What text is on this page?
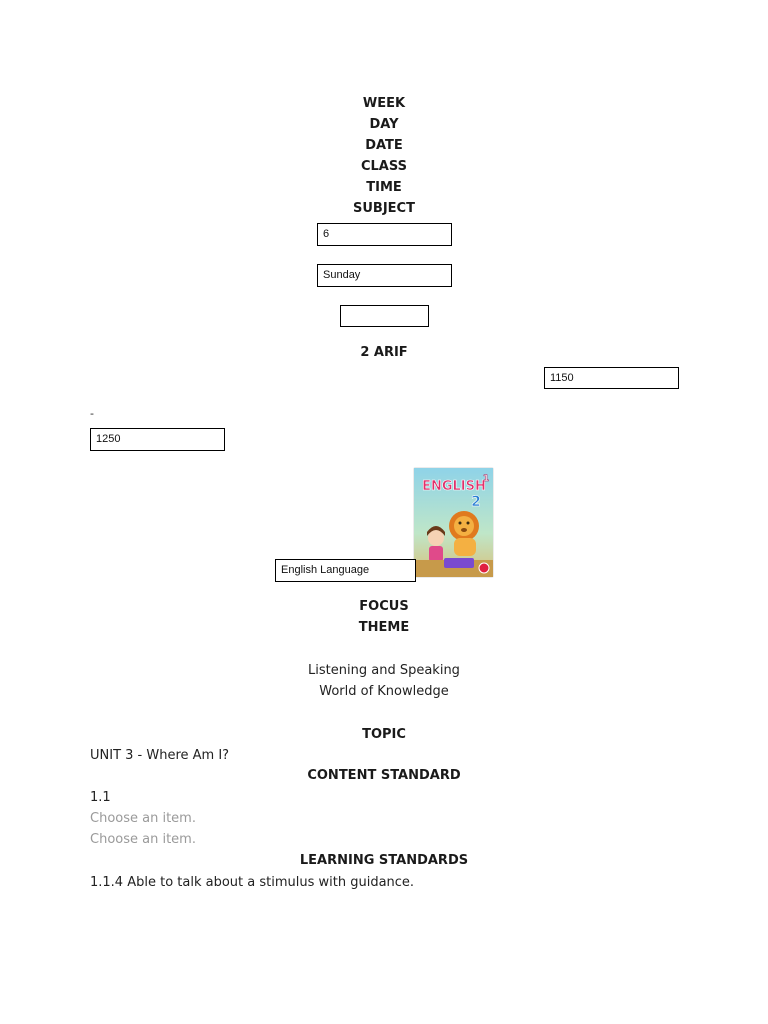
WEEK
DAY
DATE
CLASS
TIME
SUBJECT
6
Sunday
2 ARIF
1150
-
1250
ENGLISH
1
2
English Language
FOCUS
THEME
Listening and Speaking
World of Knowledge
TOPIC
UNIT 3 - Where Am I?
CONTENT STANDARD
1.1
Choose an item.
Choose an item.
LEARNING STANDARDS
1.1.4 Able to talk about a stimulus with guidance.
